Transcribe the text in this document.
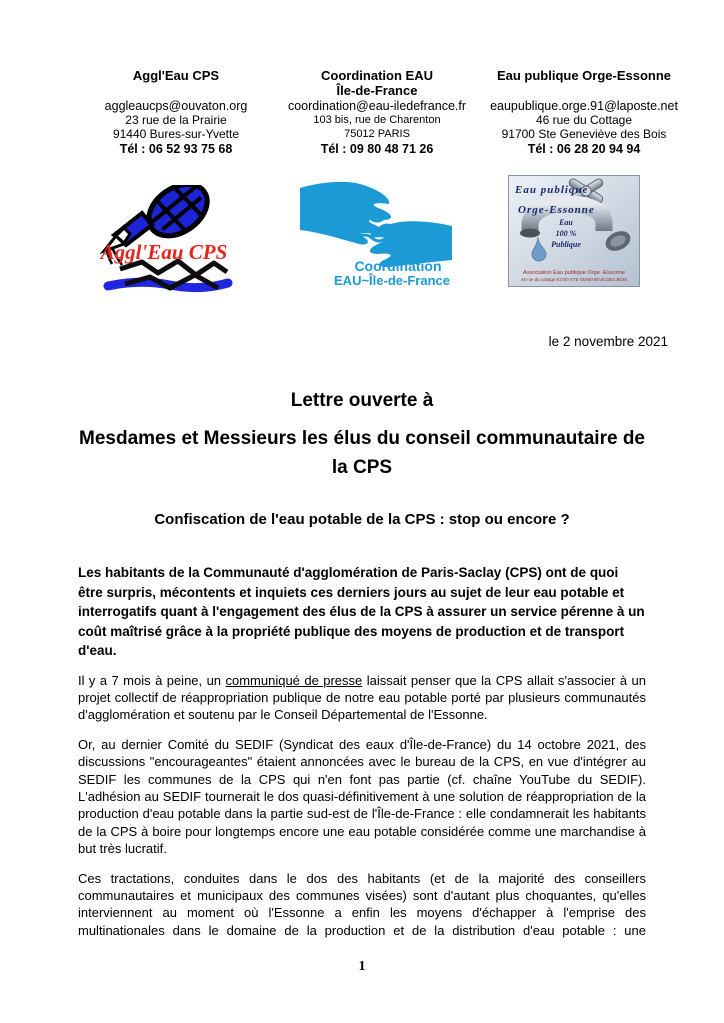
Aggl'Eau CPS
aggleaucps@ouvaton.org
23 rue de la Prairie
91440 Bures-sur-Yvette
Tél : 06 52 93 75 68
Coordination EAU
Île-de-France
coordination@eau-iledefrance.fr
103 bis, rue de Charenton
75012 PARIS
Tél : 09 80 48 71 26
Eau publique Orge-Essonne
eaupublique.orge.91@laposte.net
46 rue du Cottage
91700 Ste Geneviève des Bois
Tél : 06 28 20 94 94
Aggl'Eau CPS
Coordination
EAU~Île-de-France
Eau publique
Orge-Essonne
Eau
100 %
Publique
Association Eau publique Orge -Essonne
46 rue du cottage 91700 STE GENEVIÈVE DES BOIS
le 2 novembre 2021
Lettre ouverte à
Mesdames et Messieurs les élus du conseil communautaire de la CPS
Confiscation de l'eau potable de la CPS : stop ou encore ?

Les habitants de la Communauté d'agglomération de Paris-Saclay (CPS) ont de quoi être surpris, mécontents et inquiets ces derniers jours au sujet de leur eau potable et interrogatifs quant à l'engagement des élus de la CPS à assurer un service pérenne à un coût maîtrisé grâce à la propriété publique des moyens de production et de transport d'eau.

Il y a 7 mois à peine, un communiqué de presse laissait penser que la CPS allait s'associer à un projet collectif de réappropriation publique de notre eau potable porté par plusieurs communautés d'agglomération et soutenu par le Conseil Départemental de l'Essonne.

Or, au dernier Comité du SEDIF (Syndicat des eaux d'Île-de-France) du 14 octobre 2021, des discussions "encourageantes" étaient annoncées avec le bureau de la CPS, en vue d'intégrer au SEDIF les communes de la CPS qui n'en font pas partie (cf. chaîne YouTube du SEDIF). L'adhésion au SEDIF tournerait le dos quasi-définitivement à une solution de réappropriation de la production d'eau potable dans la partie sud-est de l'Île-de-France : elle condamnerait les habitants de la CPS à boire pour longtemps encore une eau potable considérée comme une marchandise à but très lucratif.

Ces tractations, conduites dans le dos des habitants (et de la majorité des conseillers communautaires et municipaux des communes visées) sont d'autant plus choquantes, qu'elles interviennent au moment où l'Essonne a enfin les moyens d'échapper à l'emprise des multinationales dans le domaine de la production et de la distribution d'eau potable : une

1
